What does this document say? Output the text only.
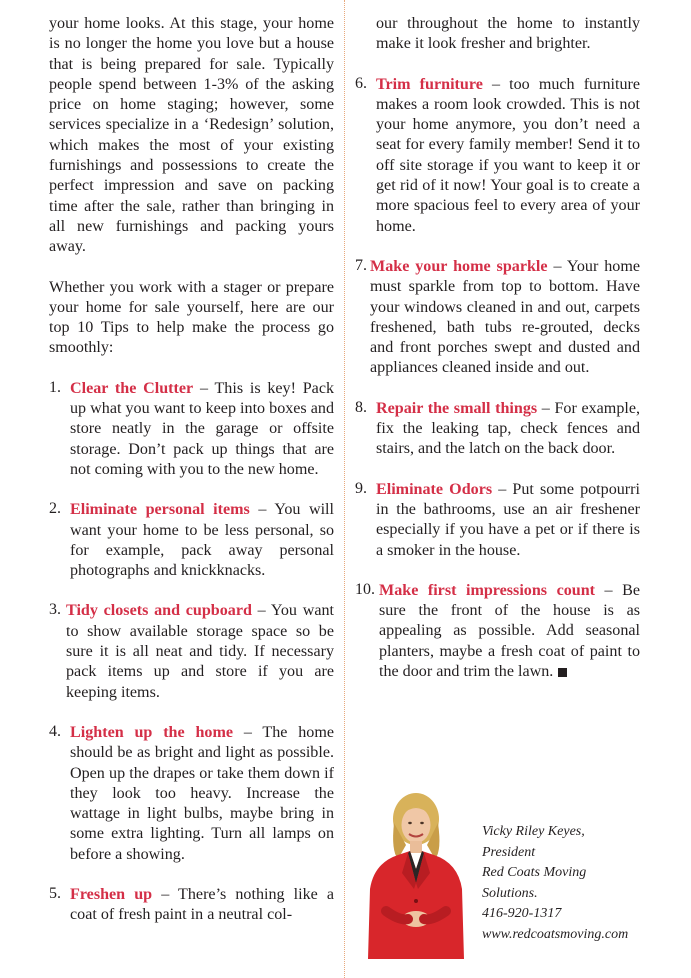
your home looks. At this stage, your home is no longer the home you love but a house that is being prepared for sale. Typically people spend between 1-3% of the asking price on home staging; however, some services specialize in a ‘Redesign’ solution, which makes the most of your existing furnishings and possessions to create the perfect impression and save on packing time after the sale, rather than bringing in all new furnishings and packing yours away.

Whether you work with a stager or prepare your home for sale yourself, here are our top 10 Tips to help make the process go smoothly:

1. Clear the Clutter – This is key! Pack up what you want to keep into boxes and store neatly in the garage or offsite storage. Don’t pack up things that are not coming with you to the new home.

2. Eliminate personal items – You will want your home to be less personal, so for example, pack away personal photographs and knickknacks.

3. Tidy closets and cupboard – You want to show available storage space so be sure it is all neat and tidy. If necessary pack items up and store if you are keeping items.

4. Lighten up the home – The home should be as bright and light as possible. Open up the drapes or take them down if they look too heavy. Increase the wattage in light bulbs, maybe bring in some extra lighting. Turn all lamps on before a showing.

5. Freshen up – There’s nothing like a coat of fresh paint in a neutral col-

our throughout the home to instantly make it look fresher and brighter.

6. Trim furniture – too much furniture makes a room look crowded. This is not your home anymore, you don’t need a seat for every family member! Send it to off site storage if you want to keep it or get rid of it now! Your goal is to create a more spacious feel to every area of your home.

7. Make your home sparkle – Your home must sparkle from top to bottom. Have your windows cleaned in and out, carpets freshened, bath tubs re-grouted, decks and front porches swept and dusted and appliances cleaned inside and out.

8. Repair the small things – For example, fix the leaking tap, check fences and stairs, and the latch on the back door.

9. Eliminate Odors – Put some potpourri in the bathrooms, use an air freshener especially if you have a pet or if there is a smoker in the house.

10. Make first impressions count – Be sure the front of the house is as appealing as possible. Add seasonal planters, maybe a fresh coat of paint to the door and trim the lawn.

Vicky Riley Keyes,
President
Red Coats Moving
Solutions.
416-920-1317
www.redcoatsmoving.com
